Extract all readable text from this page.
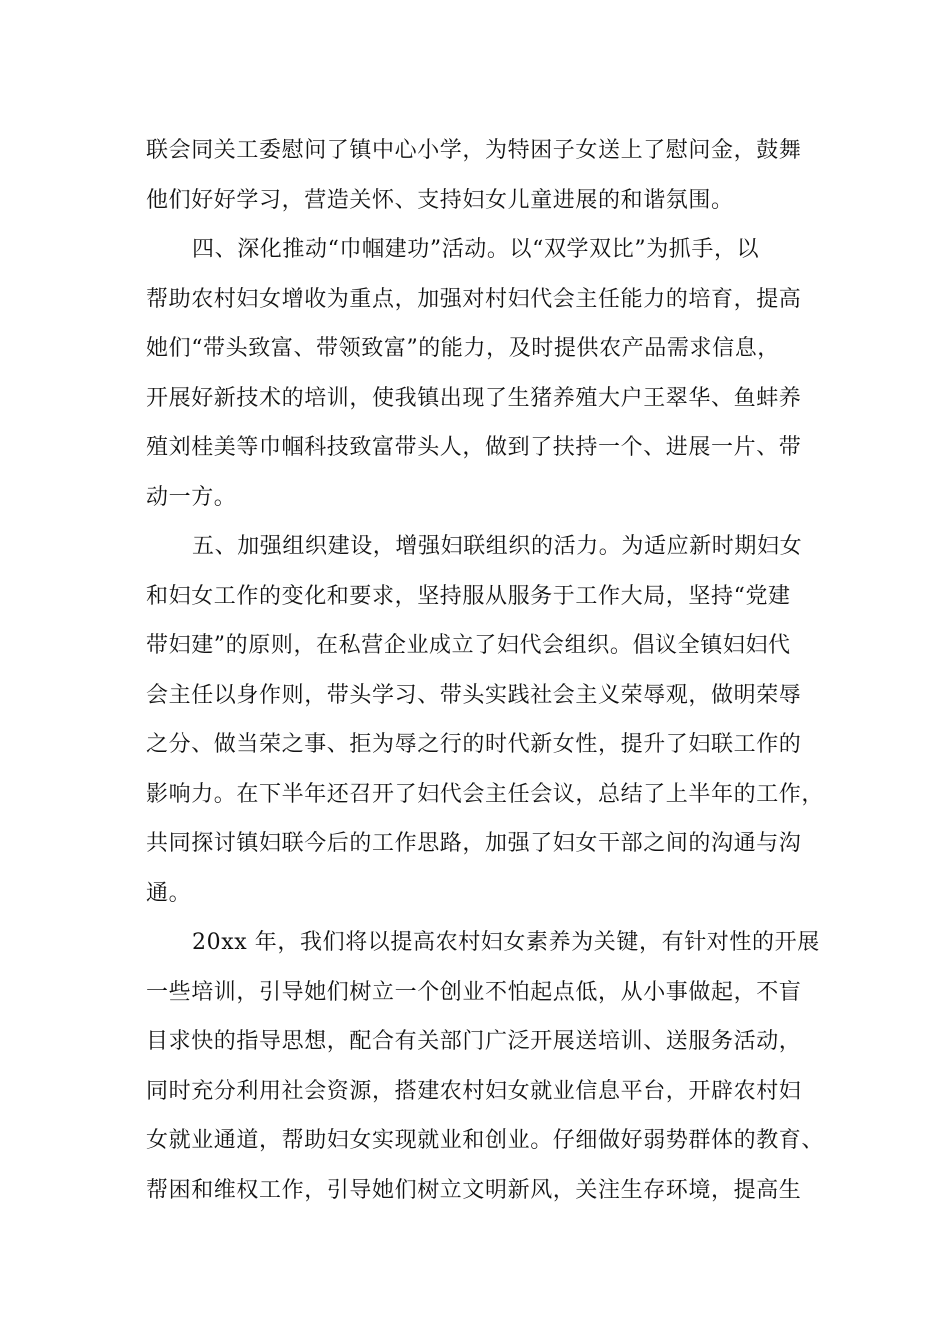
联会同关工委慰问了镇中心小学，为特困子女送上了慰问金，鼓舞
他们好好学习，营造关怀、支持妇女儿童进展的和谐氛围。
四、深化推动“巾帼建功”活动。以“双学双比”为抓手，以
帮助农村妇女增收为重点，加强对村妇代会主任能力的培育，提高
她们“带头致富、带领致富”的能力，及时提供农产品需求信息，
开展好新技术的培训，使我镇出现了生猪养殖大户王翠华、鱼蚌养
殖刘桂美等巾帼科技致富带头人，做到了扶持一个、进展一片、带
动一方。
五、加强组织建设，增强妇联组织的活力。为适应新时期妇女
和妇女工作的变化和要求，坚持服从服务于工作大局，坚持“党建
带妇建”的原则，在私营企业成立了妇代会组织。倡议全镇妇妇代
会主任以身作则，带头学习、带头实践社会主义荣辱观，做明荣辱
之分、做当荣之事、拒为辱之行的时代新女性，提升了妇联工作的
影响力。在下半年还召开了妇代会主任会议，总结了上半年的工作，
共同探讨镇妇联今后的工作思路，加强了妇女干部之间的沟通与沟
通。
20xx 年，我们将以提高农村妇女素养为关键，有针对性的开展
一些培训，引导她们树立一个创业不怕起点低，从小事做起，不盲
目求快的指导思想，配合有关部门广泛开展送培训、送服务活动，
同时充分利用社会资源，搭建农村妇女就业信息平台，开辟农村妇
女就业通道，帮助妇女实现就业和创业。仔细做好弱势群体的教育、
帮困和维权工作，引导她们树立文明新风，关注生存环境，提高生
